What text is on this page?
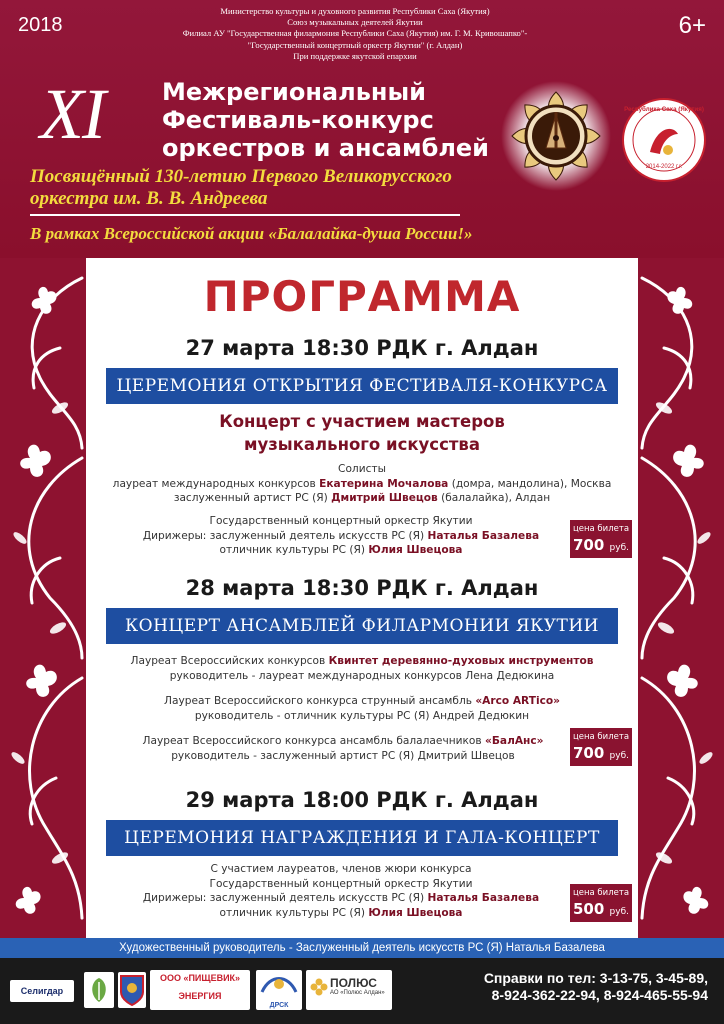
2018	6+
Министерство культуры и духовного развития Республики Саха (Якутия)
Союз музыкальных деятелей Якутии
Филиал АУ "Государственная филармония Республики Саха (Якутия) им. Г. М. Кривошапко"-
"Государственный концертный оркестр Якутии" (г. Алдан)
При поддержке якутской епархии
XI Межрегиональный
Фестиваль-конкурс
оркестров и ансамблей
Посвящённый 130-летию Первого Великорусского
оркестра им. В. В. Андреева
В рамках Всероссийской акции «Балалайка-душа России!»
Республика Саха (Якутия)
2014-2022 г.г.
ПРОГРАММА
27 марта 18:30 РДК г. Алдан
ЦЕРЕМОНИЯ ОТКРЫТИЯ ФЕСТИВАЛЯ-КОНКУРСА
Концерт с участием мастеров
музыкального искусства
Солисты
лауреат международных конкурсов Екатерина Мочалова (домра, мандолина), Москва
заслуженный артист РС (Я) Дмитрий Швецов (балалайка), Алдан
Государственный концертный оркестр Якутии
Дирижеры: заслуженный деятель искусств РС (Я) Наталья Базалева
отличник культуры РС (Я) Юлия Швецова
цена билета
700 руб.
28 марта 18:30 РДК г. Алдан
КОНЦЕРТ АНСАМБЛЕЙ ФИЛАРМОНИИ ЯКУТИИ
Лауреат Всероссийских конкурсов Квинтет деревянно-духовых инструментов
руководитель - лауреат международных конкурсов Лена Дедюкина
Лауреат Всероссийского конкурса струнный ансамбль «Arco ARTico»
руководитель - отличник культуры РС (Я) Андрей Дедюкин
Лауреат Всероссийского конкурса ансамбль балалаечников «БалАнс»
руководитель - заслуженный артист РС (Я) Дмитрий Швецов
цена билета
700 руб.
29 марта 18:00 РДК г. Алдан
ЦЕРЕМОНИЯ НАГРАЖДЕНИЯ И ГАЛА-КОНЦЕРТ
С участием лауреатов, членов жюри конкурса
Государственный концертный оркестр Якутии
Дирижеры: заслуженный деятель искусств РС (Я) Наталья Базалева
отличник культуры РС (Я) Юлия Швецова
цена билета
500 руб.
Художественный руководитель - Заслуженный деятель искусств РС (Я) Наталья Базалева
Селигдар
ООО «ПИЩЕВИК»
ЭНЕРГИЯ
ДРСК
ПОЛЮС
АО «Полюс Алдан»
Справки по тел: 3-13-75, 3-45-89,
8-924-362-22-94, 8-924-465-55-94
